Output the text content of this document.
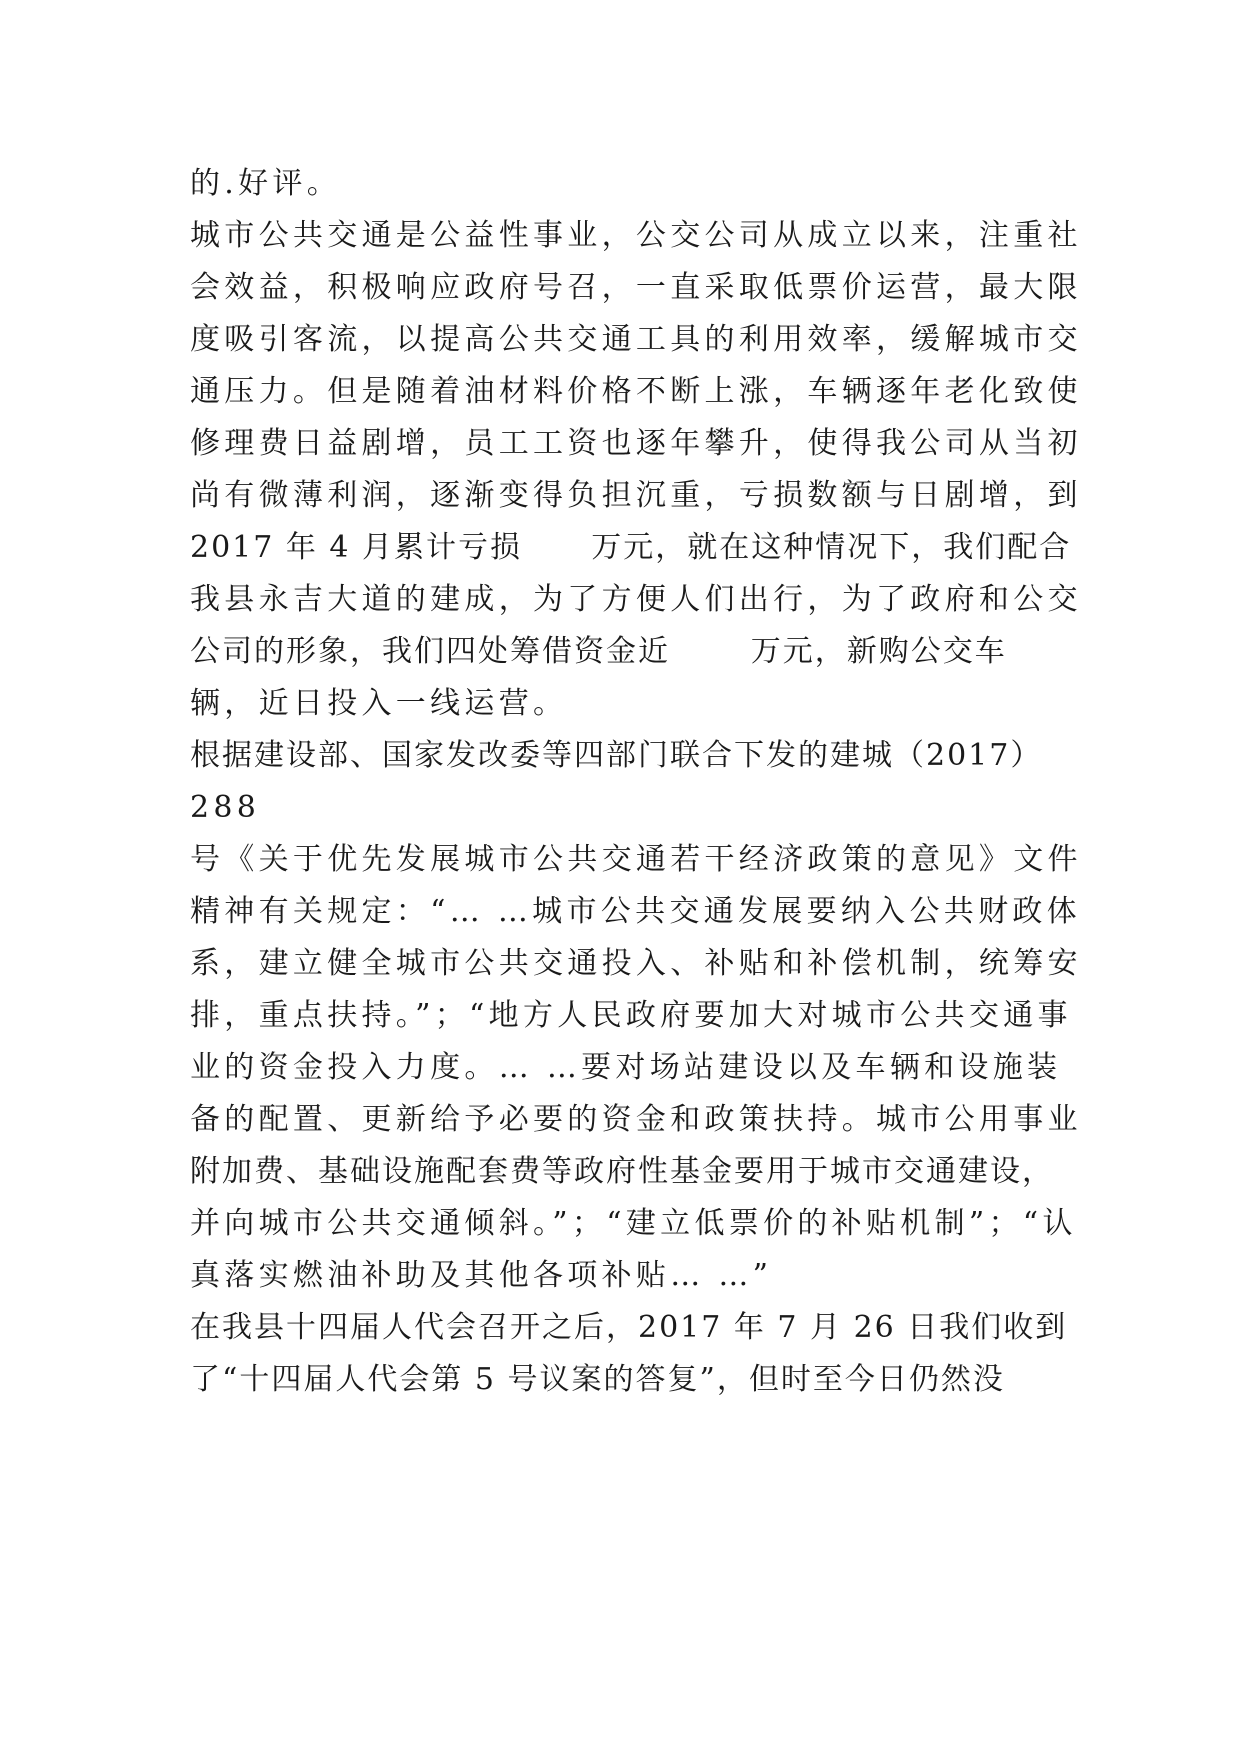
的.好评。
城市公共交通是公益性事业，公交公司从成立以来，注重社
会效益，积极响应政府号召，一直采取低票价运营，最大限
度吸引客流，以提高公共交通工具的利用效率，缓解城市交
通压力。但是随着油材料价格不断上涨，车辆逐年老化致使
修理费日益剧增，员工工资也逐年攀升，使得我公司从当初
尚有微薄利润，逐渐变得负担沉重，亏损数额与日剧增，到
2017 年 4 月累计亏损      万元，就在这种情况下，我们配合
我县永吉大道的建成，为了方便人们出行，为了政府和公交
公司的形象，我们四处筹借资金近       万元，新购公交车
辆，近日投入一线运营。
根据建设部、国家发改委等四部门联合下发的建城（2017）
288
号《关于优先发展城市公共交通若干经济政策的意见》文件
精神有关规定：“… …城市公共交通发展要纳入公共财政体
系，建立健全城市公共交通投入、补贴和补偿机制，统筹安
排，重点扶持。”；“地方人民政府要加大对城市公共交通事
业的资金投入力度。… …要对场站建设以及车辆和设施装
备的配置、更新给予必要的资金和政策扶持。城市公用事业
附加费、基础设施配套费等政府性基金要用于城市交通建设，
并向城市公共交通倾斜。”；“建立低票价的补贴机制”；“认
真落实燃油补助及其他各项补贴… …”
在我县十四届人代会召开之后，2017 年 7 月 26 日我们收到
了“十四届人代会第 5 号议案的答复”，但时至今日仍然没
